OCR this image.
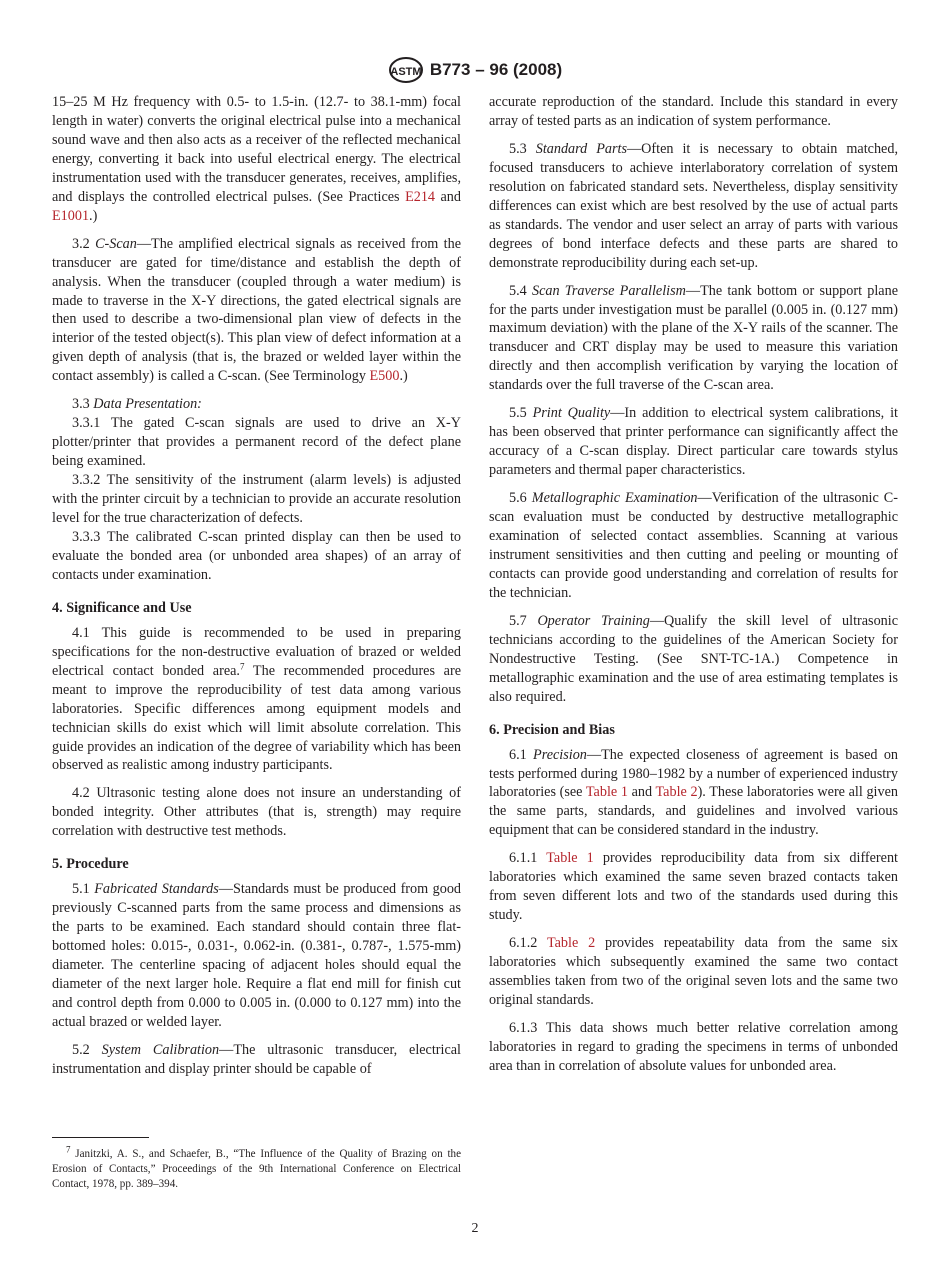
ASTM B773 – 96 (2008)
15–25 M Hz frequency with 0.5- to 1.5-in. (12.7- to 38.1-mm) focal length in water) converts the original electrical pulse into a mechanical sound wave and then also acts as a receiver of the reflected mechanical energy, converting it back into useful electrical energy. The electrical instrumentation used with the transducer generates, receives, amplifies, and displays the controlled electrical pulses. (See Practices E214 and E1001.)
3.2 C-Scan—The amplified electrical signals as received from the transducer are gated for time/distance and establish the depth of analysis. When the transducer (coupled through a water medium) is made to traverse in the X-Y directions, the gated electrical signals are then used to describe a two-dimensional plan view of defects in the interior of the tested object(s). This plan view of defect information at a given depth of analysis (that is, the brazed or welded layer within the contact assembly) is called a C-scan. (See Terminology E500.)
3.3 Data Presentation:
3.3.1 The gated C-scan signals are used to drive an X-Y plotter/printer that provides a permanent record of the defect plane being examined.
3.3.2 The sensitivity of the instrument (alarm levels) is adjusted with the printer circuit by a technician to provide an accurate resolution level for the true characterization of defects.
3.3.3 The calibrated C-scan printed display can then be used to evaluate the bonded area (or unbonded area shapes) of an array of contacts under examination.
4. Significance and Use
4.1 This guide is recommended to be used in preparing specifications for the non-destructive evaluation of brazed or welded electrical contact bonded area.$^7$ The recommended procedures are meant to improve the reproducibility of test data among various laboratories. Specific differences among equipment models and technician skills do exist which will limit absolute correlation. This guide provides an indication of the degree of variability which has been observed as realistic among industry participants.
4.2 Ultrasonic testing alone does not insure an understanding of bonded integrity. Other attributes (that is, strength) may require correlation with destructive test methods.
5. Procedure
5.1 Fabricated Standards—Standards must be produced from good previously C-scanned parts from the same process and dimensions as the parts to be examined. Each standard should contain three flat-bottomed holes: 0.015-, 0.031-, 0.062-in. (0.381-, 0.787-, 1.575-mm) diameter. The centerline spacing of adjacent holes should equal the diameter of the next larger hole. Require a flat end mill for finish cut and control depth from 0.000 to 0.005 in. (0.000 to 0.127 mm) into the actual brazed or welded layer.
5.2 System Calibration—The ultrasonic transducer, electrical instrumentation and display printer should be capable of
accurate reproduction of the standard. Include this standard in every array of tested parts as an indication of system performance.
5.3 Standard Parts—Often it is necessary to obtain matched, focused transducers to achieve interlaboratory correlation of system resolution on fabricated standard sets. Nevertheless, display sensitivity differences can exist which are best resolved by the use of actual parts as standards. The vendor and user select an array of parts with various degrees of bond interface defects and these parts are shared to demonstrate reproducibility during each set-up.
5.4 Scan Traverse Parallelism—The tank bottom or support plane for the parts under investigation must be parallel (0.005 in. (0.127 mm) maximum deviation) with the plane of the X-Y rails of the scanner. The transducer and CRT display may be used to measure this variation directly and then accomplish verification by varying the location of standards over the full traverse of the C-scan area.
5.5 Print Quality—In addition to electrical system calibrations, it has been observed that printer performance can significantly affect the accuracy of a C-scan display. Direct particular care towards stylus parameters and thermal paper characteristics.
5.6 Metallographic Examination—Verification of the ultrasonic C-scan evaluation must be conducted by destructive metallographic examination of selected contact assemblies. Scanning at various instrument sensitivities and then cutting and peeling or mounting of contacts can provide good understanding and correlation of results for the technician.
5.7 Operator Training—Qualify the skill level of ultrasonic technicians according to the guidelines of the American Society for Nondestructive Testing. (See SNT-TC-1A.) Competence in metallographic examination and the use of area estimating templates is also required.
6. Precision and Bias
6.1 Precision—The expected closeness of agreement is based on tests performed during 1980–1982 by a number of experienced industry laboratories (see Table 1 and Table 2). These laboratories were all given the same parts, standards, and guidelines and involved various equipment that can be considered standard in the industry.
6.1.1 Table 1 provides reproducibility data from six different laboratories which examined the same seven brazed contacts taken from seven different lots and two of the standards used during this study.
6.1.2 Table 2 provides repeatability data from the same six laboratories which subsequently examined the same two contact assemblies taken from two of the original seven lots and the same two original standards.
6.1.3 This data shows much better relative correlation among laboratories in regard to grading the specimens in terms of unbonded area than in correlation of absolute values for unbonded area.
$^7$ Janitzki, A. S., and Schaefer, B., “The Influence of the Quality of Brazing on the Erosion of Contacts,” Proceedings of the 9th International Conference on Electrical Contact, 1978, pp. 389–394.
2
